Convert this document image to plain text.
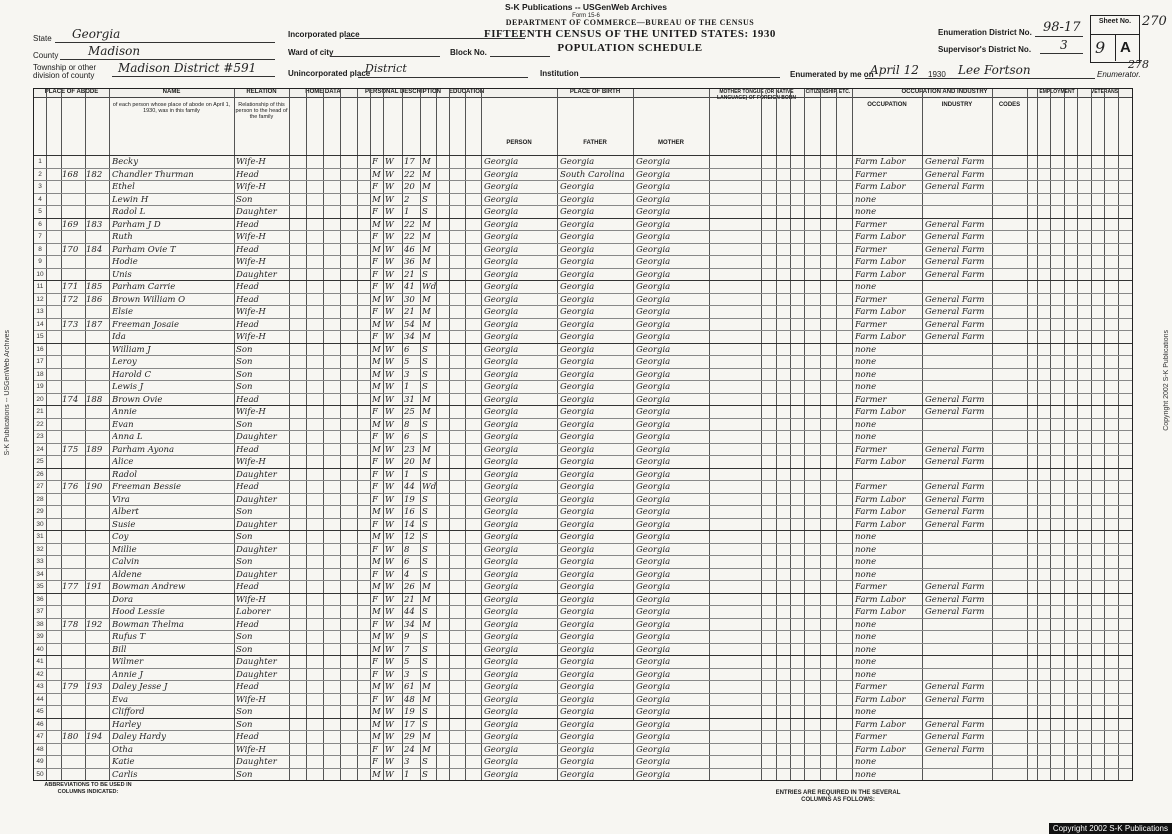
S-K Publications -- USGenWeb Archives
Form 15-6
DEPARTMENT OF COMMERCE—BUREAU OF THE CENSUS
FIFTEENTH CENSUS OF THE UNITED STATES: 1930
POPULATION SCHEDULE
State Georgia
County Madison
Township or other division of county
Madison District #591
Incorporated place
Ward of city	Block No.
Unincorporated place
District	Institution
Enumeration District No. 98-17
Supervisor's District No. 3
Sheet No.
9 A
270
278
Enumerated by me on
April 12 1930 Lee Fortson	Enumerator.
PLACE OF ABODE	NAME	RELATION	HOME DATA	PERSONAL DESCRIPTION	EDUCATION	PLACE OF BIRTH	MOTHER TONGUE (OR NATIVE LANGUAGE) OF FOREIGN BORN
CITIZENSHIP, ETC.	OCCUPATION AND INDUSTRY	EMPLOYMENT	VETERANS
of each person whose place of abode on April 1, 1930, was in this family
Relationship of this person to the head of the family
PERSON	FATHER	MOTHER
OCCUPATION	INDUSTRY	CODES
1	Becky	Wife-H	F W	17 M	Georgia	Georgia	Georgia	Farm Labor	General Farm
2	168 182	Chandler Thurman	Head	M W	22 M	Georgia	South Carolina	Georgia	Farmer	General Farm
3	Ethel	Wife-H	F W	20 M	Georgia	Georgia	Georgia	Farm Labor	General Farm
4	Lewin H	Son	M W	2	S	Georgia	Georgia	Georgia	none
5	Radol L	Daughter	F W	1	S	Georgia	Georgia	Georgia	none
6	169 183	Parham J D	Head	M W	22 M	Georgia	Georgia	Georgia	Farmer	General Farm
7	Ruth	Wife-H	F W	22 M	Georgia	Georgia	Georgia	Farm Labor	General Farm
8	170 184	Parham Ovie T	Head	M W	46 M	Georgia	Georgia	Georgia	Farmer	General Farm
9	Hodie	Wife-H	F W	36 M	Georgia	Georgia	Georgia	Farm Labor	General Farm
10	Unis	Daughter	F W	21 S	Georgia	Georgia	Georgia	Farm Labor	General Farm
11	171 185	Parham Carrie	Head	F W	41 Wd	Georgia	Georgia	Georgia	none
12 172 186	Brown William O	Head	M W	30 M	Georgia	Georgia	Georgia	Farmer	General Farm
13	Elsie	Wife-H	F W	21 M	Georgia	Georgia	Georgia	Farm Labor	General Farm
14 173 187	Freeman Josaie	Head	M W	54 M	Georgia	Georgia	Georgia	Farmer	General Farm
15	Ida	Wife-H	F W	34 M	Georgia	Georgia	Georgia	Farm Labor	General Farm
16	William J	Son	M W	6	S	Georgia	Georgia	Georgia	none
17	Leroy	Son	M W	5	S	Georgia	Georgia	Georgia	none
18	Harold C	Son	M W	3	S	Georgia	Georgia	Georgia	none
19	Lewis J	Son	M W	1	S	Georgia	Georgia	Georgia	none
20 174 188	Brown Ovie	Head	M W	31 M	Georgia	Georgia	Georgia	Farmer	General Farm
21	Annie	Wife-H	F W	25 M	Georgia	Georgia	Georgia	Farm Labor	General Farm
22	Evan	Son	M W	8	S	Georgia	Georgia	Georgia	none
23	Anna L	Daughter	F W	6	S	Georgia	Georgia	Georgia	none
24 175 189	Parham Ayona	Head	M W	23 M	Georgia	Georgia	Georgia	Farmer	General Farm
25	Alice	Wife-H	F W	20 M	Georgia	Georgia	Georgia	Farm Labor	General Farm
26	Radol	Daughter	F W	1	S	Georgia	Georgia	Georgia
27 176 190	Freeman Bessie	Head	F W	44 Wd	Georgia	Georgia	Georgia	Farmer	General Farm
28	Vira	Daughter	F W	19 S	Georgia	Georgia	Georgia	Farm Labor	General Farm
29	Albert	Son	M W	16 S	Georgia	Georgia	Georgia	Farm Labor	General Farm
30	Susie	Daughter	F W	14 S	Georgia	Georgia	Georgia	Farm Labor	General Farm
31	Coy	Son	M W	12 S	Georgia	Georgia	Georgia	none
32	Millie	Daughter	F W	8	S	Georgia	Georgia	Georgia	none
33	Calvin	Son	M W	6	S	Georgia	Georgia	Georgia	none
34	Aldene	Daughter	F W	4	S	Georgia	Georgia	Georgia	none
35 177 191	Bowman Andrew	Head	M W	26 M	Georgia	Georgia	Georgia	Farmer	General Farm
36	Dora	Wife-H	F W	21 M	Georgia	Georgia	Georgia	Farm Labor	General Farm
37	Hood Lessie	Laborer	M W	44 S	Georgia	Georgia	Georgia	Farm Labor	General Farm
38 178 192	Bowman Thelma	Head	F W	34 M	Georgia	Georgia	Georgia	none
39	Rufus T	Son	M W	9	S	Georgia	Georgia	Georgia	none
40	Bill	Son	M W	7	S	Georgia	Georgia	Georgia	none
41	Wilmer	Daughter	F W	5	S	Georgia	Georgia	Georgia	none
42	Annie J	Daughter	F W	3	S	Georgia	Georgia	Georgia	none
43 179 193	Daley Jesse J	Head	M W	61 M	Georgia	Georgia	Georgia	Farmer	General Farm
44	Eva	Wife-H	F W	48 M	Georgia	Georgia	Georgia	Farm Labor	General Farm
45	Clifford	Son	M W	19 S	Georgia	Georgia	Georgia	none
46	Harley	Son	M W	17 S	Georgia	Georgia	Georgia	Farm Labor	General Farm
47 180 194	Daley Hardy	Head	M W	29 M	Georgia	Georgia	Georgia	Farmer	General Farm
48	Otha	Wife-H	F W	24 M	Georgia	Georgia	Georgia	Farm Labor	General Farm
49	Katie	Daughter	F W	3	S	Georgia	Georgia	Georgia	none
50	Carlis	Son	M W	1	S	Georgia	Georgia	Georgia	none
ABBREVIATIONS TO BE USED IN COLUMNS INDICATED:	ENTRIES ARE REQUIRED IN THE SEVERAL COLUMNS AS FOLLOWS:
S-K Publications -- USGenWeb Archives	Copyright 2002 S-K Publications
Copyright 2002 S-K Publications
